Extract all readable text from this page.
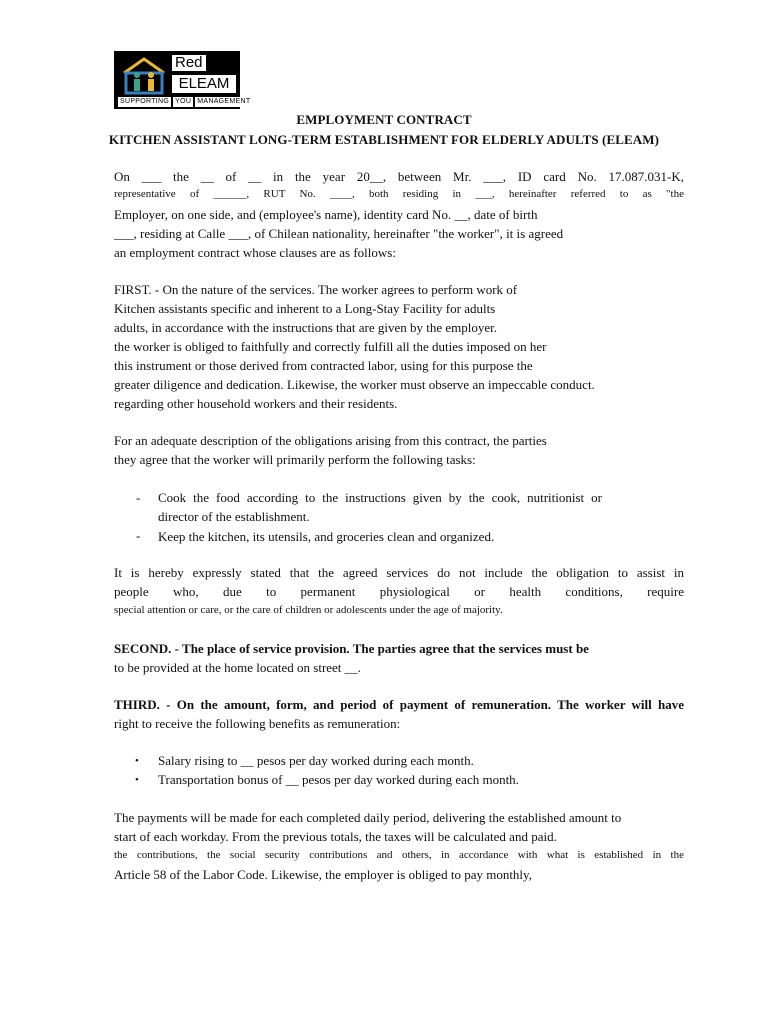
Red
ELEAM
SUPPORTING YOU MANAGEMENT
EMPLOYMENT CONTRACT
KITCHEN ASSISTANT LONG-TERM ESTABLISHMENT FOR ELDERLY ADULTS (ELEAM)
On ___ the __ of __ in the year 20__, between Mr. ___, ID card No. 17.087.031-K,
representative of ______, RUT No. ____, both residing in ___, hereinafter referred to as "the
Employer, on one side, and (employee's name), identity card No. __, date of birth
___, residing at Calle ___, of Chilean nationality, hereinafter "the worker", it is agreed
an employment contract whose clauses are as follows:
FIRST. - On the nature of the services. The worker agrees to perform work of
Kitchen assistants specific and inherent to a Long-Stay Facility for adults
adults, in accordance with the instructions that are given by the employer.
the worker is obliged to faithfully and correctly fulfill all the duties imposed on her
this instrument or those derived from contracted labor, using for this purpose the
greater diligence and dedication. Likewise, the worker must observe an impeccable conduct.
regarding other household workers and their residents.
For an adequate description of the obligations arising from this contract, the parties
they agree that the worker will primarily perform the following tasks:
- Cook the food according to the instructions given by the cook, nutritionist or
director of the establishment.
- Keep the kitchen, its utensils, and groceries clean and organized.
It is hereby expressly stated that the agreed services do not include the obligation to assist in
people who, due to permanent physiological or health conditions, require
special attention or care, or the care of children or adolescents under the age of majority.
SECOND. - The place of service provision. The parties agree that the services must be
to be provided at the home located on street __.
THIRD. - On the amount, form, and period of payment of remuneration. The worker will have
right to receive the following benefits as remuneration:
• Salary rising to __ pesos per day worked during each month.
• Transportation bonus of __ pesos per day worked during each month.
The payments will be made for each completed daily period, delivering the established amount to
start of each workday. From the previous totals, the taxes will be calculated and paid.
the contributions, the social security contributions and others, in accordance with what is established in the
Article 58 of the Labor Code. Likewise, the employer is obliged to pay monthly,
